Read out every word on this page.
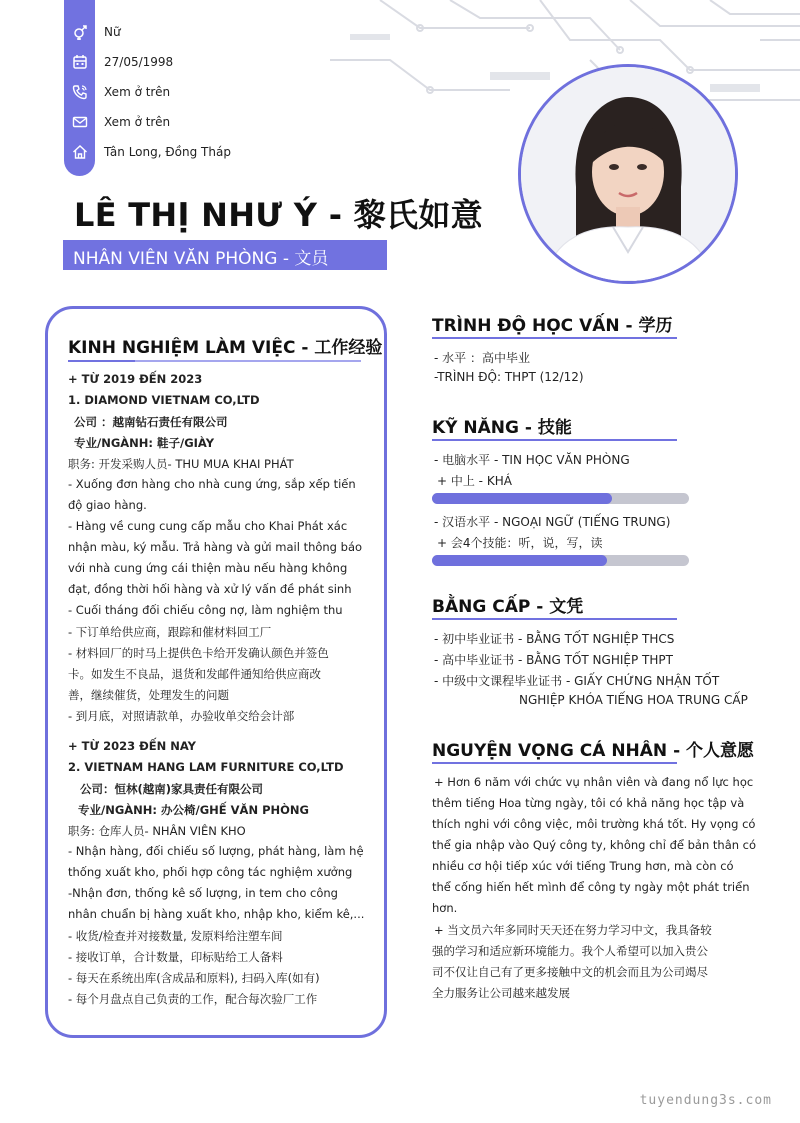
Nữ
27/05/1998
Xem ở trên
Xem ở trên
Tân Long, Đồng Tháp
LÊ THỊ NHƯ Ý - 黎氏如意
NHÂN VIÊN VĂN PHÒNG - 文员
KINH NGHIỆM LÀM VIỆC - 工作经验
+ TỪ 2019 ĐẾN 2023
1. DIAMOND VIETNAM CO,LTD
公司 ：越南钻石责任有限公司
专业/NGÀNH: 鞋子/GIÀY
职务: 开发采购人员- THU MUA KHAI PHÁT
- Xuống đơn hàng cho nhà cung ứng, sắp xếp tiến
độ giao hàng.
- Hàng về cung cung cấp mẫu cho Khai Phát xác
nhận màu, ký mẫu. Trả hàng và gửi mail thông báo
với nhà cung ứng cái thiện màu nếu hàng không
đạt, đồng thời hối hàng và xử lý vấn đề phát sinh
- Cuối tháng đối chiếu công nợ, làm nghiệm thu
- 下订单给供应商，跟踪和催材料回工厂
- 材料回厂的时马上提供色卡给开发确认颜色并签色
卡。如发生不良品，退货和发邮件通知给供应商改
善，继续催货，处理发生的问题
- 到月底，对照请款单，办验收单交给会计部
+ TỪ 2023 ĐẾN NAY
2. VIETNAM HANG LAM FURNITURE CO,LTD
公司：恒林(越南)家具责任有限公司
专业/NGÀNH: 办公椅/GHẾ VĂN PHÒNG
职务: 仓库人员- NHÂN VIÊN KHO
- Nhận hàng, đối chiếu số lượng, phát hàng, làm hệ
thống xuất kho, phối hợp công tác nghiệm xưởng
-Nhận đơn, thống kê số lượng, in tem cho công
nhân chuẩn bị hàng xuất kho, nhập kho, kiểm kê,...
- 收货/检查并对接数量, 发原料给注塑车间
- 接收订单，合计数量，印标贴给工人备料
- 每天在系统出库(含成品和原料), 扫码入库(如有)
- 每个月盘点自己负责的工作，配合每次验厂工作
TRÌNH ĐỘ HỌC VẤN - 学历
- 水平 ：高中毕业
-TRÌNH ĐỘ: THPT (12/12)
KỸ NĂNG - 技能
- 电脑水平 - TIN HỌC VĂN PHÒNG
+ 中上 - KHÁ
- 汉语水平 - NGOẠI NGỮ (TIẾNG TRUNG)
+ 会4个技能：听，说，写，读
BẰNG CẤP - 文凭
- 初中毕业证书 - BẰNG TỐT NGHIỆP THCS
- 高中毕业证书 - BẰNG TỐT NGHIỆP THPT
- 中级中文课程毕业证书 - GIẤY CHỨNG NHẬN TỐT
NGHIỆP KHÓA TIẾNG HOA TRUNG CẤP
NGUYỆN VỌNG CÁ NHÂN - 个人意愿
+ Hơn 6 năm với chức vụ nhân viên và đang nổ lực học
thêm tiếng Hoa từng ngày, tôi có khả năng học tập và
thích nghi với công việc, môi trường khá tốt. Hy vọng có
thể gia nhập vào Quý công ty, không chỉ để bản thân có
nhiều cơ hội tiếp xúc với tiếng Trung hơn, mà còn có
thể cống hiến hết mình để công ty ngày một phát triển
hơn.
+ 当文员六年多同时天天还在努力学习中文，我具备较
强的学习和适应新环境能力。我个人希望可以加入贵公
司不仅让自己有了更多接触中文的机会而且为公司竭尽
全力服务让公司越来越发展
tuyendung3s.com
